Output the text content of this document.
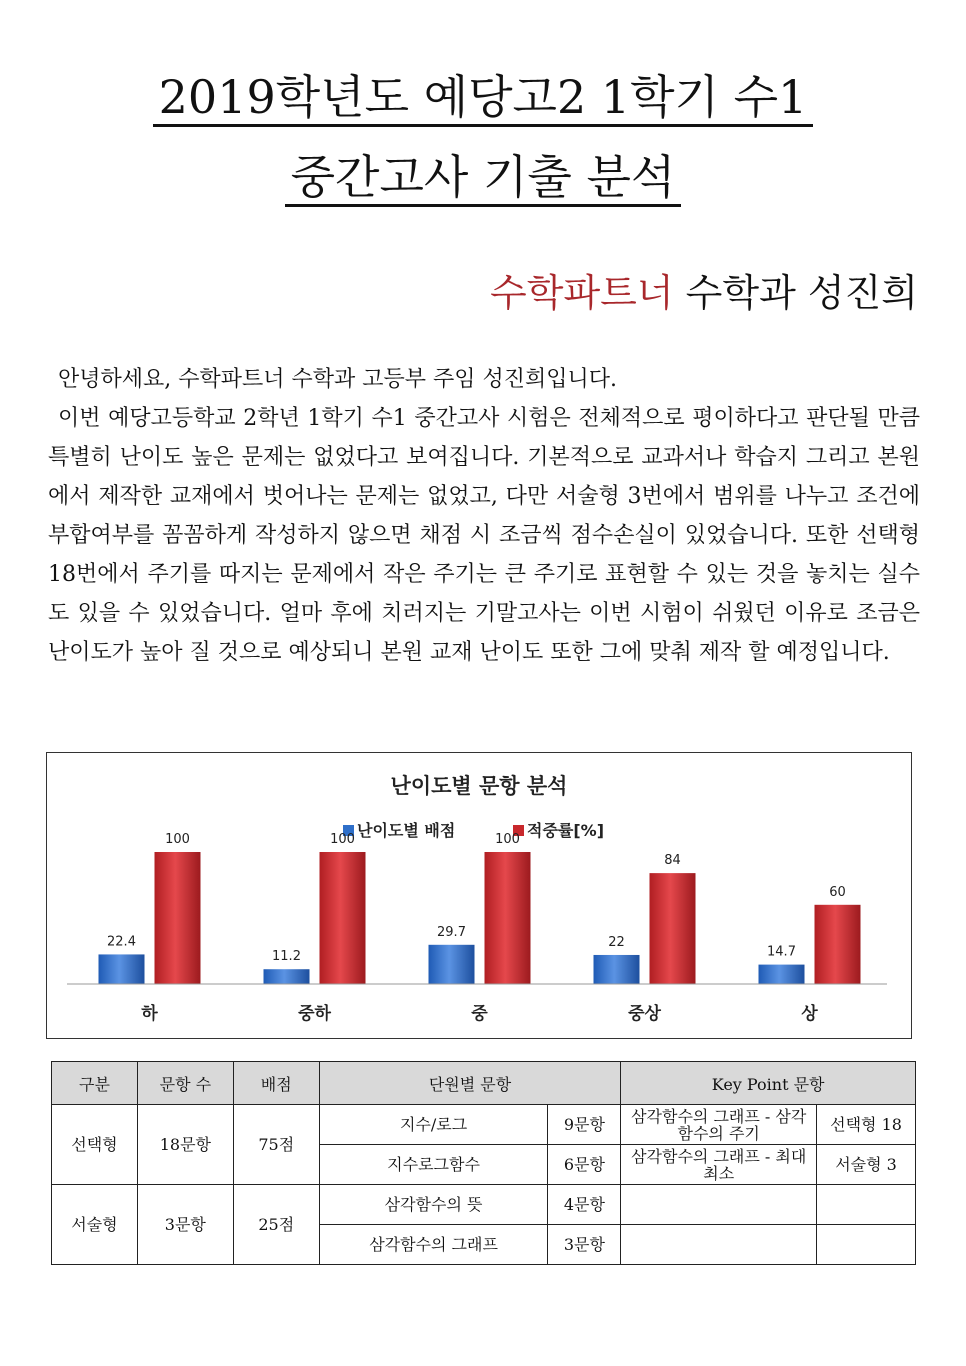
2019학년도 예당고2 1학기 수1
중간고사 기출 분석
수학파트너 수학과 성진희

안녕하세요, 수학파트너 수학과 고등부 주임 성진희입니다.

이번 예당고등학교 2학년 1학기 수1 중간고사 시험은 전체적으로 평이하다고 판단될 만큼 특별히 난이도 높은 문제는 없었다고 보여집니다. 기본적으로 교과서나 학습지 그리고 본원에서 제작한 교재에서 벗어나는 문제는 없었고, 다만 서술형 3번에서 범위를 나누고 조건에 부합여부를 꼼꼼하게 작성하지 않으면 채점 시 조금씩 점수손실이 있었습니다. 또한 선택형 18번에서 주기를 따지는 문제에서 작은 주기는 큰 주기로 표현할 수 있는 것을 놓치는 실수도 있을 수 있었습니다. 얼마 후에 치러지는 기말고사는 이번 시험이 쉬웠던 이유로 조금은 난이도가 높아 질 것으로 예상되니 본원 교재 난이도 또한 그에 맞춰 제작 할 예정입니다.

난이도별 문항 분석
난이도별 배점	적중률[%]
22.4
100
11.2
100
29.7
100
22
84
14.7
60
하	중하	중	중상	상
구분	문항 수	배점	단원별 문항		Key Point 문항	
선택형	18문항	75점	지수/로그	9문항	삼각함수의 그래프 - 삼각함수의 주기	선택형 18
			지수로그함수	6문항	삼각함수의 그래프 - 최대최소	서술형 3
서술형	3문항	25점	삼각함수의 뜻	4문항		
			삼각함수의 그래프	3문항		
